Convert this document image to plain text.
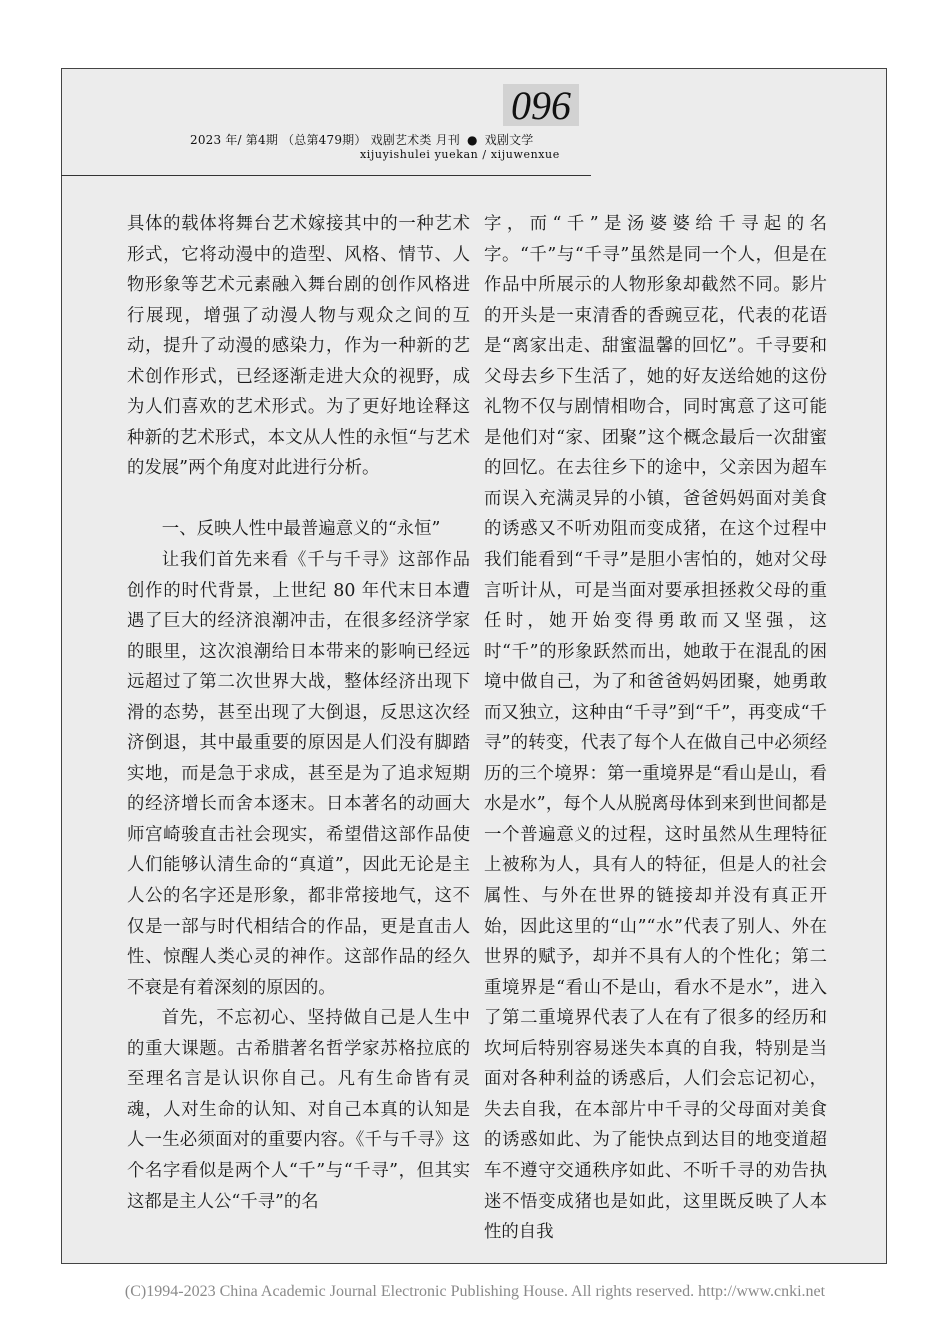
096
2023 年/ 第4期 （总第479期） 戏剧艺术类 月刊 ● 戏剧文学
xijuyishulei yuekan / xijuwenxue

具体的载体将舞台艺术嫁接其中的一种艺术形式，它将动漫中的造型、风格、情节、人物形象等艺术元素融入舞台剧的创作风格进行展现，增强了动漫人物与观众之间的互动，提升了动漫的感染力，作为一种新的艺术创作形式，已经逐渐走进大众的视野，成为人们喜欢的艺术形式。为了更好地诠释这种新的艺术形式，本文从人性的永恒“与艺术的发展”两个角度对此进行分析。

一、反映人性中最普遍意义的“永恒”

让我们首先来看《千与千寻》这部作品创作的时代背景，上世纪 80 年代末日本遭遇了巨大的经济浪潮冲击，在很多经济学家的眼里，这次浪潮给日本带来的影响已经远远超过了第二次世界大战，整体经济出现下滑的态势，甚至出现了大倒退，反思这次经济倒退，其中最重要的原因是人们没有脚踏实地，而是急于求成，甚至是为了追求短期的经济增长而舍本逐末。日本著名的动画大师宫崎骏直击社会现实，希望借这部作品使人们能够认清生命的“真道”，因此无论是主人公的名字还是形象，都非常接地气，这不仅是一部与时代相结合的作品，更是直击人性、惊醒人类心灵的神作。这部作品的经久不衰是有着深刻的原因的。

首先，不忘初心、坚持做自己是人生中的重大课题。古希腊著名哲学家苏格拉底的至理名言是认识你自己。凡有生命皆有灵魂，人对生命的认知、对自己本真的认知是人一生必须面对的重要内容。《千与千寻》这个名字看似是两个人“千”与“千寻”，但其实这都是主人公“千寻”的名

字，而“千”是汤婆婆给千寻起的名字。“千”与“千寻”虽然是同一个人，但是在作品中所展示的人物形象却截然不同。影片的开头是一束清香的香豌豆花，代表的花语是“离家出走、甜蜜温馨的回忆”。千寻要和父母去乡下生活了，她的好友送给她的这份礼物不仅与剧情相吻合，同时寓意了这可能是他们对“家、团聚”这个概念最后一次甜蜜的回忆。在去往乡下的途中，父亲因为超车而误入充满灵异的小镇，爸爸妈妈面对美食的诱惑又不听劝阻而变成猪，在这个过程中我们能看到“千寻”是胆小害怕的，她对父母言听计从，可是当面对要承担拯救父母的重任时，她开始变得勇敢而又坚强，这时“千”的形象跃然而出，她敢于在混乱的困境中做自己，为了和爸爸妈妈团聚，她勇敢而又独立，这种由“千寻”到“千”，再变成“千寻”的转变，代表了每个人在做自己中必须经历的三个境界：第一重境界是“看山是山，看水是水”，每个人从脱离母体到来到世间都是一个普遍意义的过程，这时虽然从生理特征上被称为人，具有人的特征，但是人的社会属性、与外在世界的链接却并没有真正开始，因此这里的“山”“水”代表了别人、外在世界的赋予，却并不具有人的个性化；第二重境界是“看山不是山，看水不是水”，进入了第二重境界代表了人在有了很多的经历和坎坷后特别容易迷失本真的自我，特别是当面对各种利益的诱惑后，人们会忘记初心，失去自我，在本部片中千寻的父母面对美食的诱惑如此、为了能快点到达目的地变道超车不遵守交通秩序如此、不听千寻的劝告执迷不悟变成猪也是如此，这里既反映了人本性的自我

(C)1994-2023 China Academic Journal Electronic Publishing House. All rights reserved. http://www.cnki.net
